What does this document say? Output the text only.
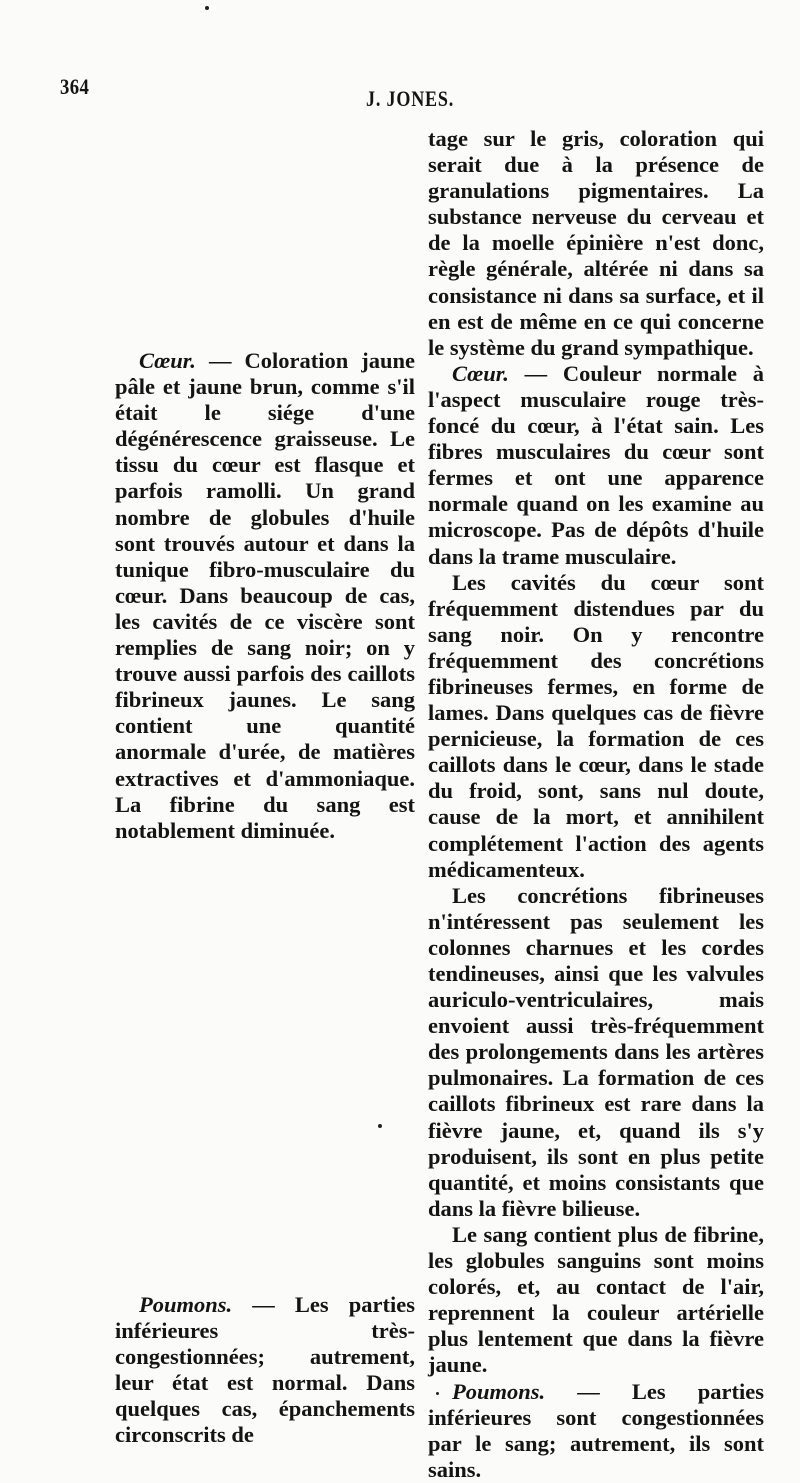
364	J. JONES.

Cœur. — Coloration jaune pâle et jaune brun, comme s'il était le siége d'une dégénérescence graisseuse. Le tissu du cœur est flasque et parfois ramolli. Un grand nombre de globules d'huile sont trouvés autour et dans la tunique fibro-musculaire du cœur. Dans beaucoup de cas, les cavités de ce viscère sont remplies de sang noir; on y trouve aussi parfois des caillots fibrineux jaunes. Le sang contient une quantité anormale d'urée, de matières extractives et d'ammoniaque. La fibrine du sang est notablement diminuée.

Poumons. — Les parties inférieures très-congestionnées; autrement, leur état est normal. Dans quelques cas, épanchements circonscrits de

tage sur le gris, coloration qui serait due à la présence de granulations pigmentaires. La substance nerveuse du cerveau et de la moelle épinière n'est donc, règle générale, altérée ni dans sa consistance ni dans sa surface, et il en est de même en ce qui concerne le système du grand sympathique.

Cœur. — Couleur normale à l'aspect musculaire rouge très-foncé du cœur, à l'état sain. Les fibres musculaires du cœur sont fermes et ont une apparence normale quand on les examine au microscope. Pas de dépôts d'huile dans la trame musculaire.

Les cavités du cœur sont fréquemment distendues par du sang noir. On y rencontre fréquemment des concrétions fibrineuses fermes, en forme de lames. Dans quelques cas de fièvre pernicieuse, la formation de ces caillots dans le cœur, dans le stade du froid, sont, sans nul doute, cause de la mort, et annihilent complétement l'action des agents médicamenteux.

Les concrétions fibrineuses n'intéressent pas seulement les colonnes charnues et les cordes tendineuses, ainsi que les valvules auriculo-ventriculaires, mais envoient aussi très-fréquemment des prolongements dans les artères pulmonaires. La formation de ces caillots fibrineux est rare dans la fièvre jaune, et, quand ils s'y produisent, ils sont en plus petite quantité, et moins consistants que dans la fièvre bilieuse.

Le sang contient plus de fibrine, les globules sanguins sont moins colorés, et, au contact de l'air, reprennent la couleur artérielle plus lentement que dans la fièvre jaune.

Poumons. — Les parties inférieures sont congestionnées par le sang; autrement, ils sont sains.
